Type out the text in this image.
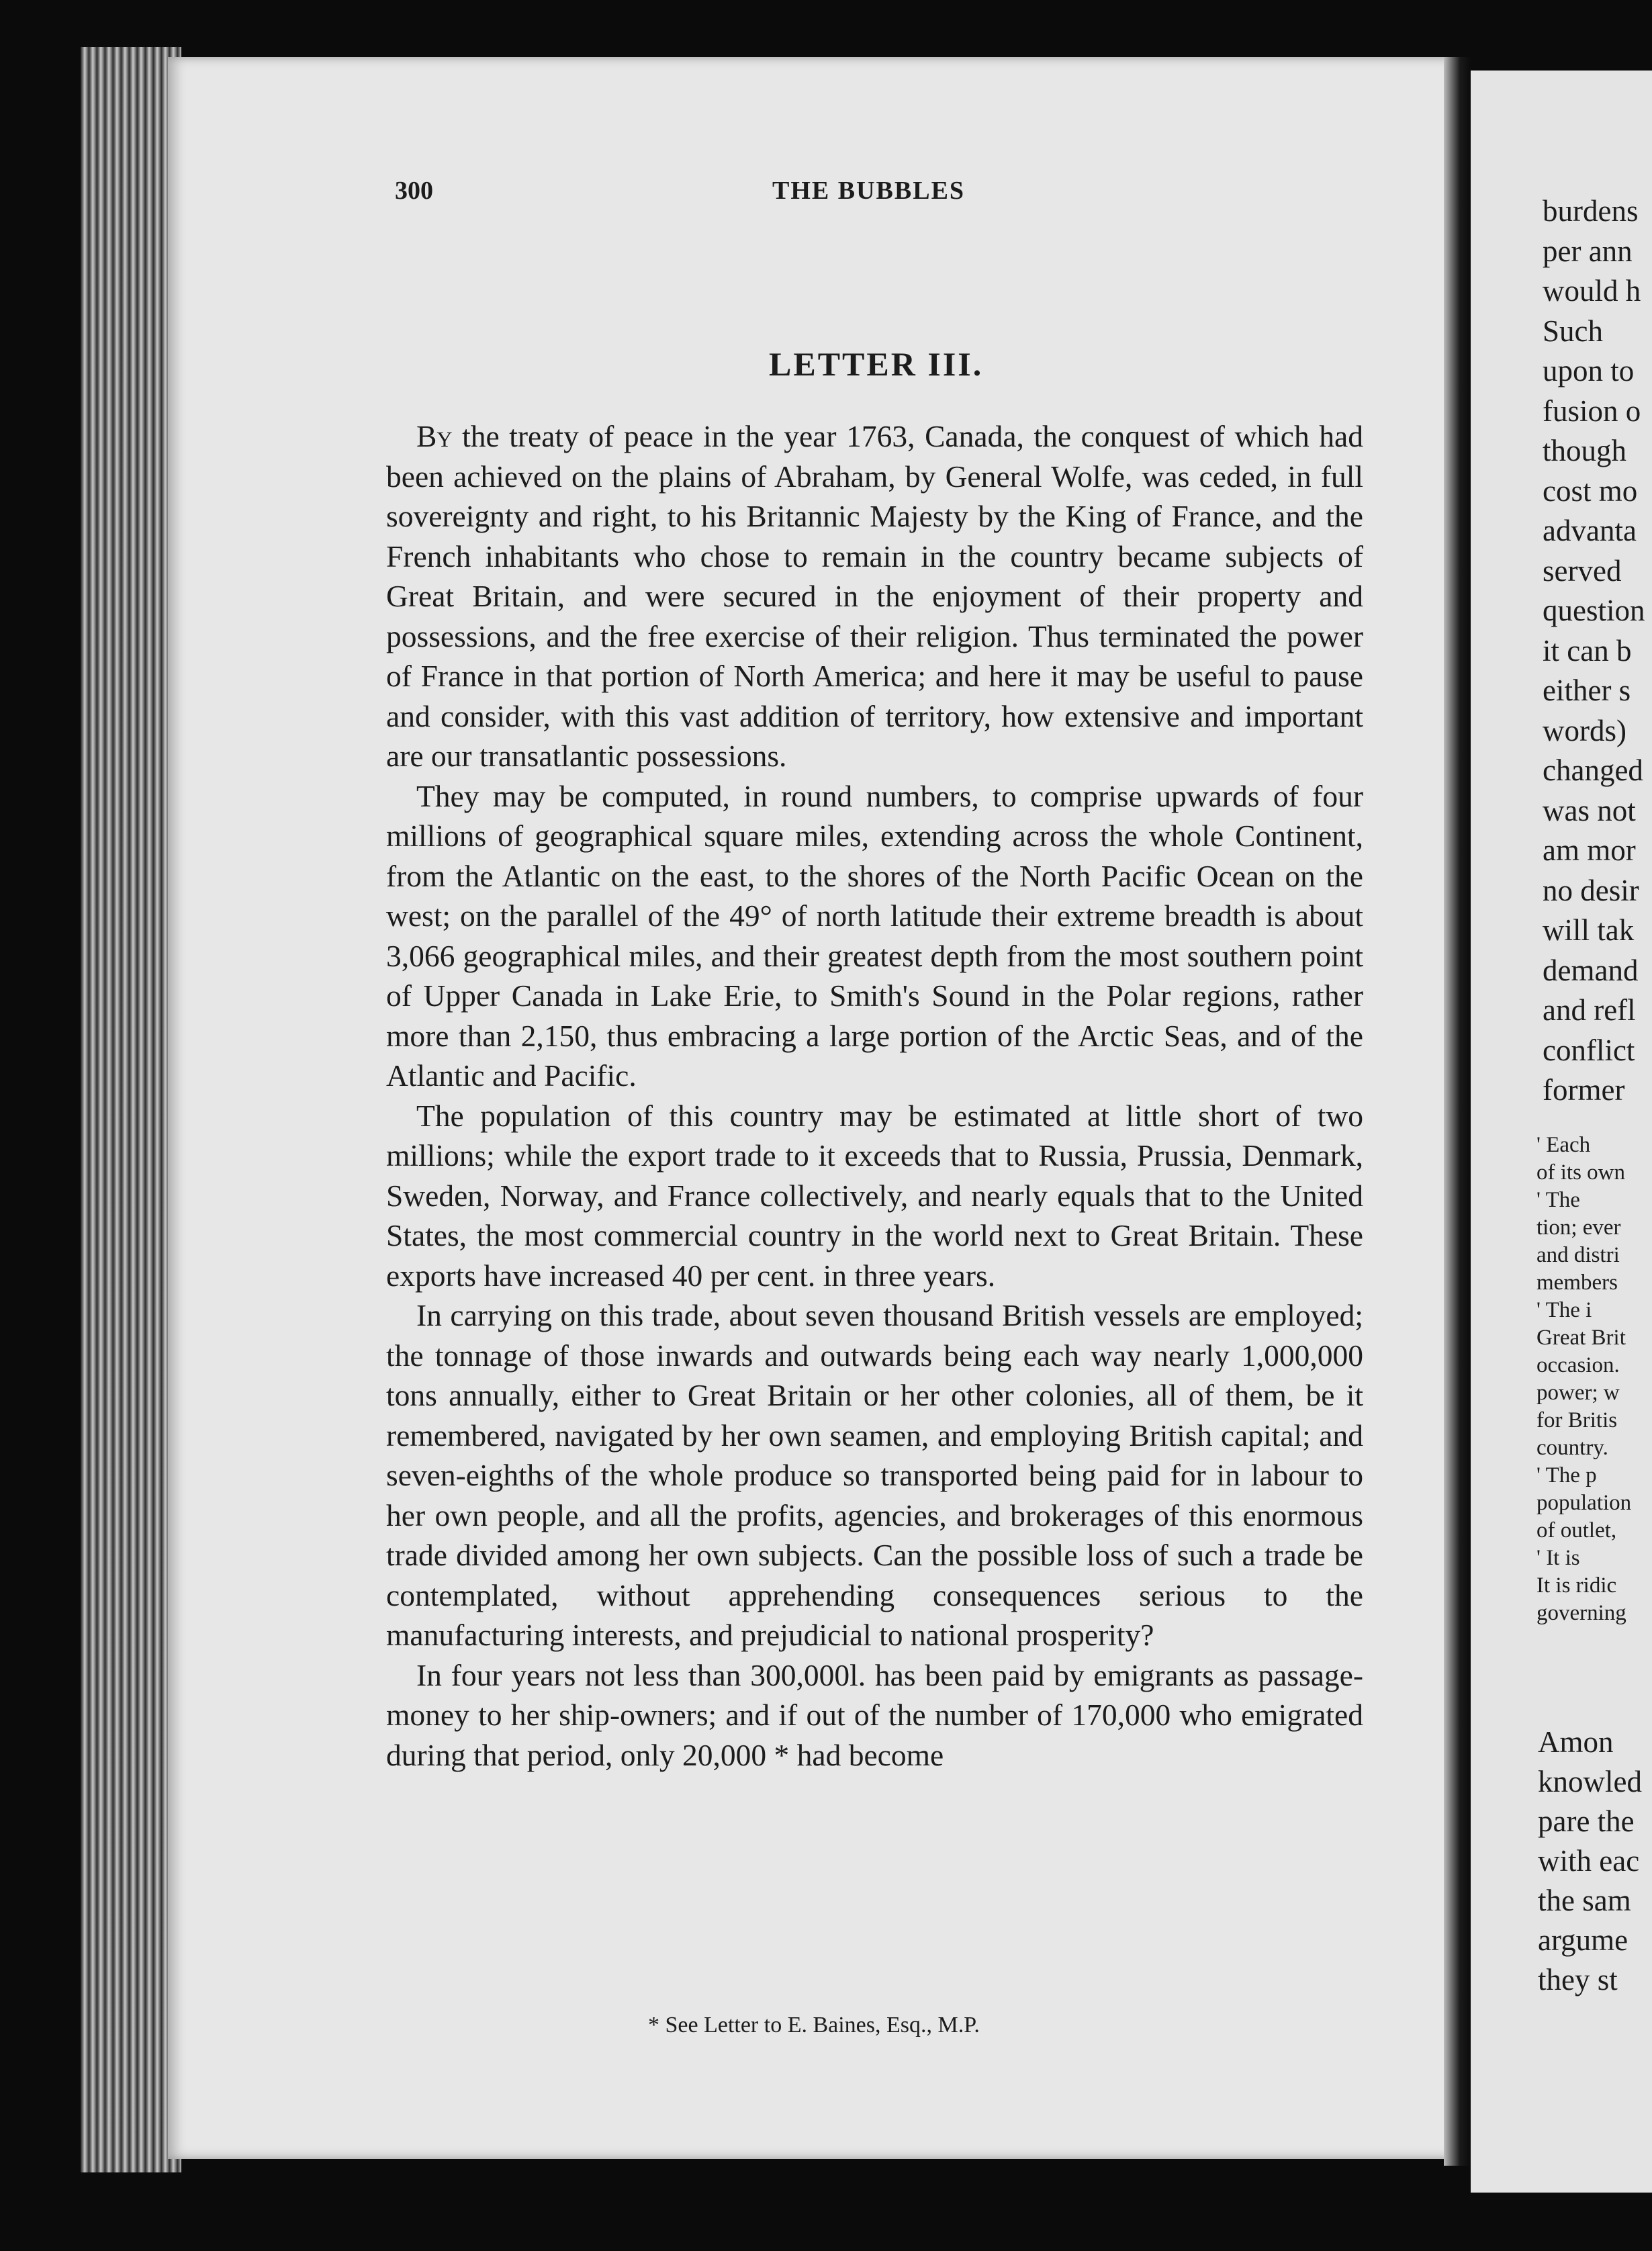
300	THE BUBBLES

LETTER III.

By the treaty of peace in the year 1763, Canada, the conquest of which had been achieved on the plains of Abraham, by General Wolfe, was ceded, in full sovereignty and right, to his Britannic Majesty by the King of France, and the French inhabitants who chose to remain in the country became subjects of Great Britain, and were secured in the enjoyment of their property and possessions, and the free exercise of their religion. Thus terminated the power of France in that portion of North America; and here it may be useful to pause and consider, with this vast addition of territory, how extensive and important are our transatlantic possessions.

They may be computed, in round numbers, to comprise upwards of four millions of geographical square miles, extending across the whole Continent, from the Atlantic on the east, to the shores of the North Pacific Ocean on the west; on the parallel of the 49° of north latitude their extreme breadth is about 3,066 geographical miles, and their greatest depth from the most southern point of Upper Canada in Lake Erie, to Smith's Sound in the Polar regions, rather more than 2,150, thus embracing a large portion of the Arctic Seas, and of the Atlantic and Pacific.

The population of this country may be estimated at little short of two millions; while the export trade to it exceeds that to Russia, Prussia, Denmark, Sweden, Norway, and France collectively, and nearly equals that to the United States, the most commercial country in the world next to Great Britain. These exports have increased 40 per cent. in three years.

In carrying on this trade, about seven thousand British vessels are employed; the tonnage of those inwards and outwards being each way nearly 1,000,000 tons annually, either to Great Britain or her other colonies, all of them, be it remembered, navigated by her own seamen, and employing British capital; and seven-eighths of the whole produce so transported being paid for in labour to her own people, and all the profits, agencies, and brokerages of this enormous trade divided among her own subjects. Can the possible loss of such a trade be contemplated, without apprehending consequences serious to the manufacturing interests, and prejudicial to national prosperity?

In four years not less than 300,000l. has been paid by emigrants as passage-money to her ship-owners; and if out of the number of 170,000 who emigrated during that period, only 20,000 * had become

* See Letter to E. Baines, Esq., M.P.

burdens
per ann
would h
Such
upon to
fusion o
though
cost mo
advanta
served
question
it can b
either s
words)
changed
was not
am mor
no desir
will tak
demand
and refl
conflict
former
' Each
of its own
' The
tion; ever
and distri
members
' The i
Great Brit
occasion.
power; w
for Britis
country.
' The p
population
of outlet,
' It is
It is ridic
governing
Amon
knowled
pare the
with eac
the sam
argume
they st
